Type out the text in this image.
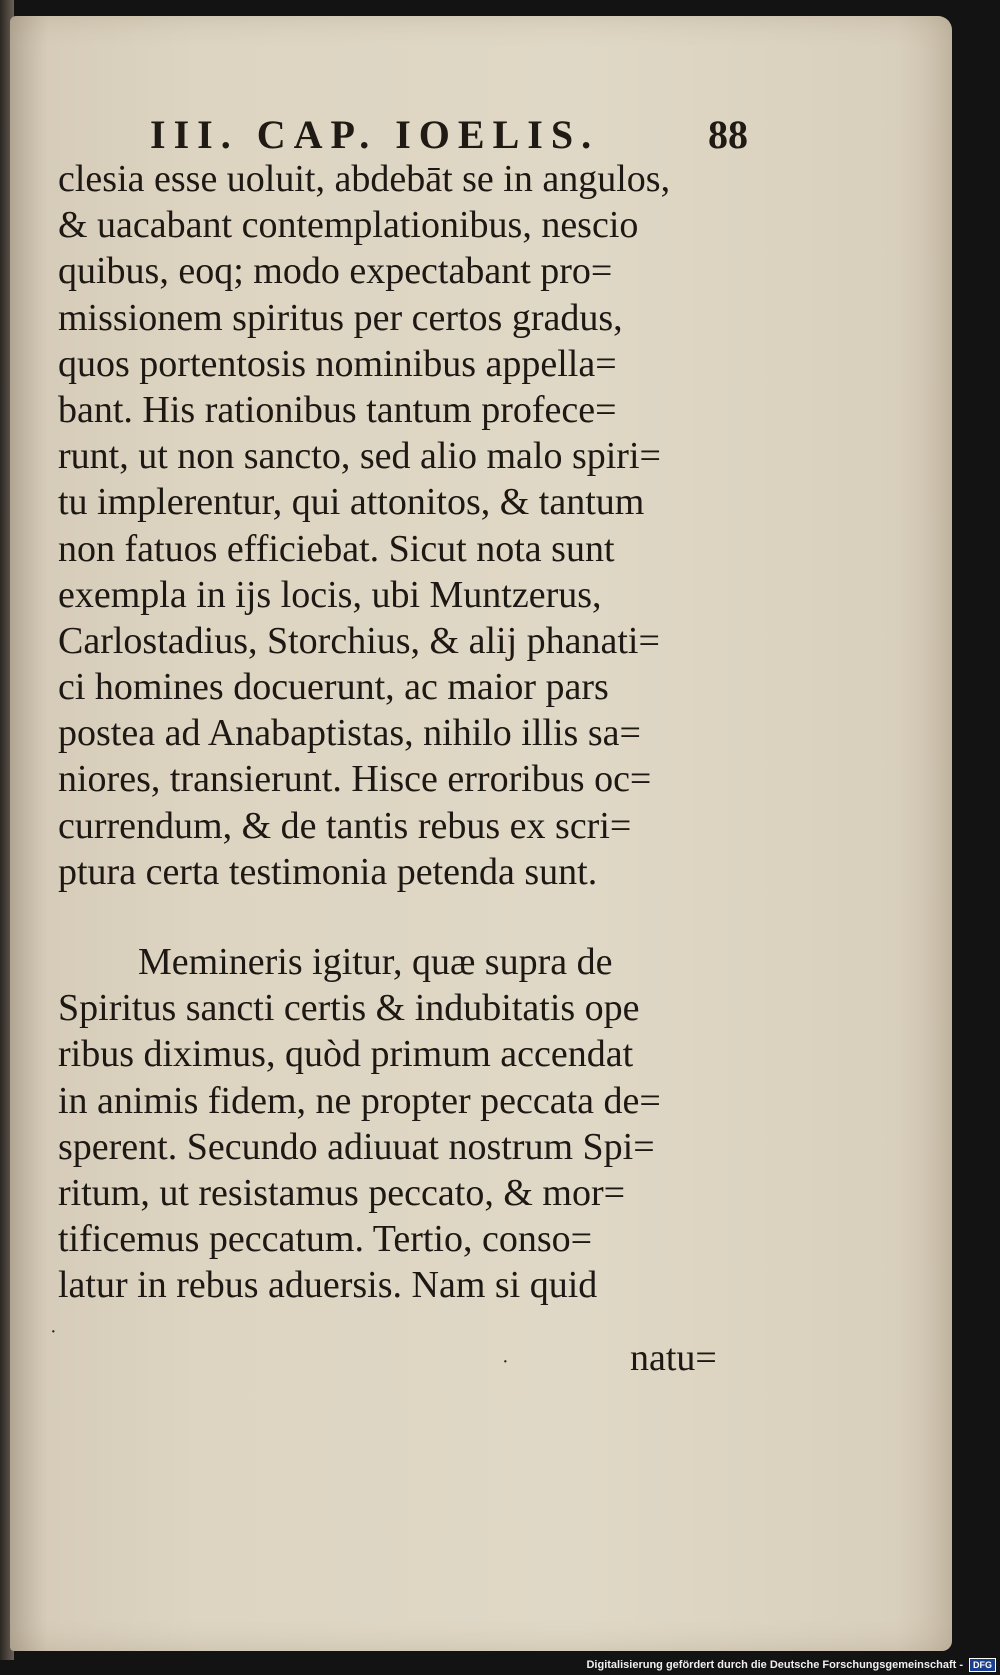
III. CAP. IOELIS.	88
clesia esse uoluit, abdebāt se in angulos,
& uacabant contemplationibus, nescio
quibus, eoq; modo expectabant pro=
missionem spiritus per certos gradus,
quos portentosis nominibus appella=
bant. His rationibus tantum profece=
runt, ut non sancto, sed alio malo spiri=
tu implerentur, qui attonitos, & tantum
non fatuos efficiebat. Sicut nota sunt
exempla in ijs locis, ubi Muntzerus,
Carlostadius, Storchius, & alij phanati=
ci homines docuerunt, ac maior pars
postea ad Anabaptistas, nihilo illis sa=
niores, transierunt. Hisce erroribus oc=
currendum, & de tantis rebus ex scri=
ptura certa testimonia petenda sunt.
Memineris igitur, quæ supra de
Spiritus sancti certis & indubitatis ope
ribus diximus, quòd primum accendat
in animis fidem, ne propter peccata de=
sperent. Secundo adiuuat nostrum Spi=
ritum, ut resistamus peccato, & mor=
tificemus peccatum. Tertio, conso=
latur in rebus aduersis. Nam si quid
natu=
·
·
Digitalisierung gefördert durch die Deutsche Forschungsgemeinschaft -	DFG
